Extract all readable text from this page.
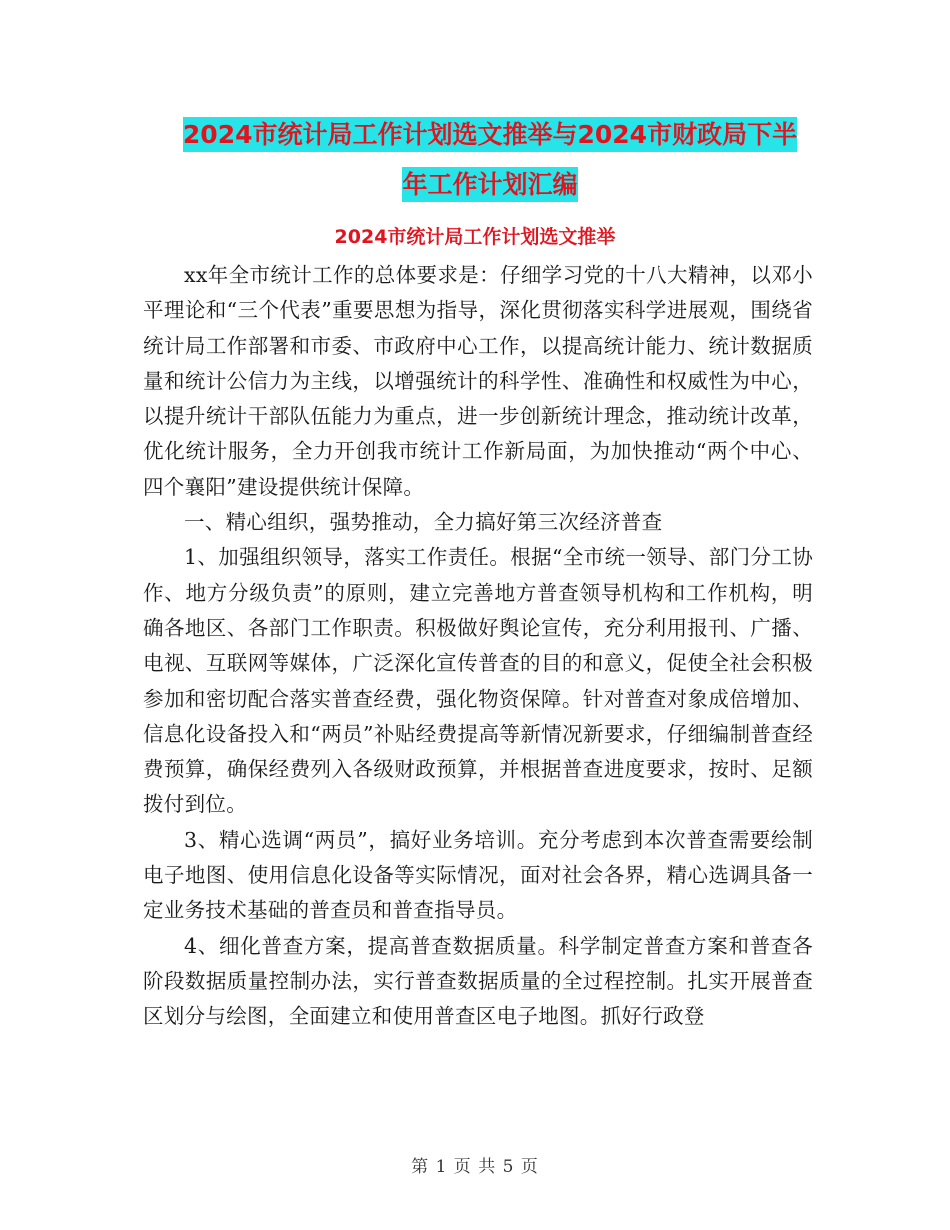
2024市统计局工作计划选文推举与2024市财政局下半
年工作计划汇编
2024市统计局工作计划选文推举

xx年全市统计工作的总体要求是：仔细学习党的十八大精神，以邓小平理论和“三个代表”重要思想为指导，深化贯彻落实科学进展观，围绕省统计局工作部署和市委、市政府中心工作，以提高统计能力、统计数据质量和统计公信力为主线，以增强统计的科学性、准确性和权威性为中心，以提升统计干部队伍能力为重点，进一步创新统计理念，推动统计改革，优化统计服务，全力开创我市统计工作新局面，为加快推动“两个中心、四个襄阳”建设提供统计保障。

一、精心组织，强势推动，全力搞好第三次经济普查

1、加强组织领导，落实工作责任。根据“全市统一领导、部门分工协作、地方分级负责”的原则，建立完善地方普查领导机构和工作机构，明确各地区、各部门工作职责。积极做好舆论宣传，充分利用报刊、广播、电视、互联网等媒体，广泛深化宣传普查的目的和意义，促使全社会积极参加和密切配合落实普查经费，强化物资保障。针对普查对象成倍增加、信息化设备投入和“两员”补贴经费提高等新情况新要求，仔细编制普查经费预算，确保经费列入各级财政预算，并根据普查进度要求，按时、足额拨付到位。

3、精心选调“两员”，搞好业务培训。充分考虑到本次普查需要绘制电子地图、使用信息化设备等实际情况，面对社会各界，精心选调具备一定业务技术基础的普查员和普查指导员。

4、细化普查方案，提高普查数据质量。科学制定普查方案和普查各阶段数据质量控制办法，实行普查数据质量的全过程控制。扎实开展普查区划分与绘图，全面建立和使用普查区电子地图。抓好行政登

第 1 页 共 5 页
